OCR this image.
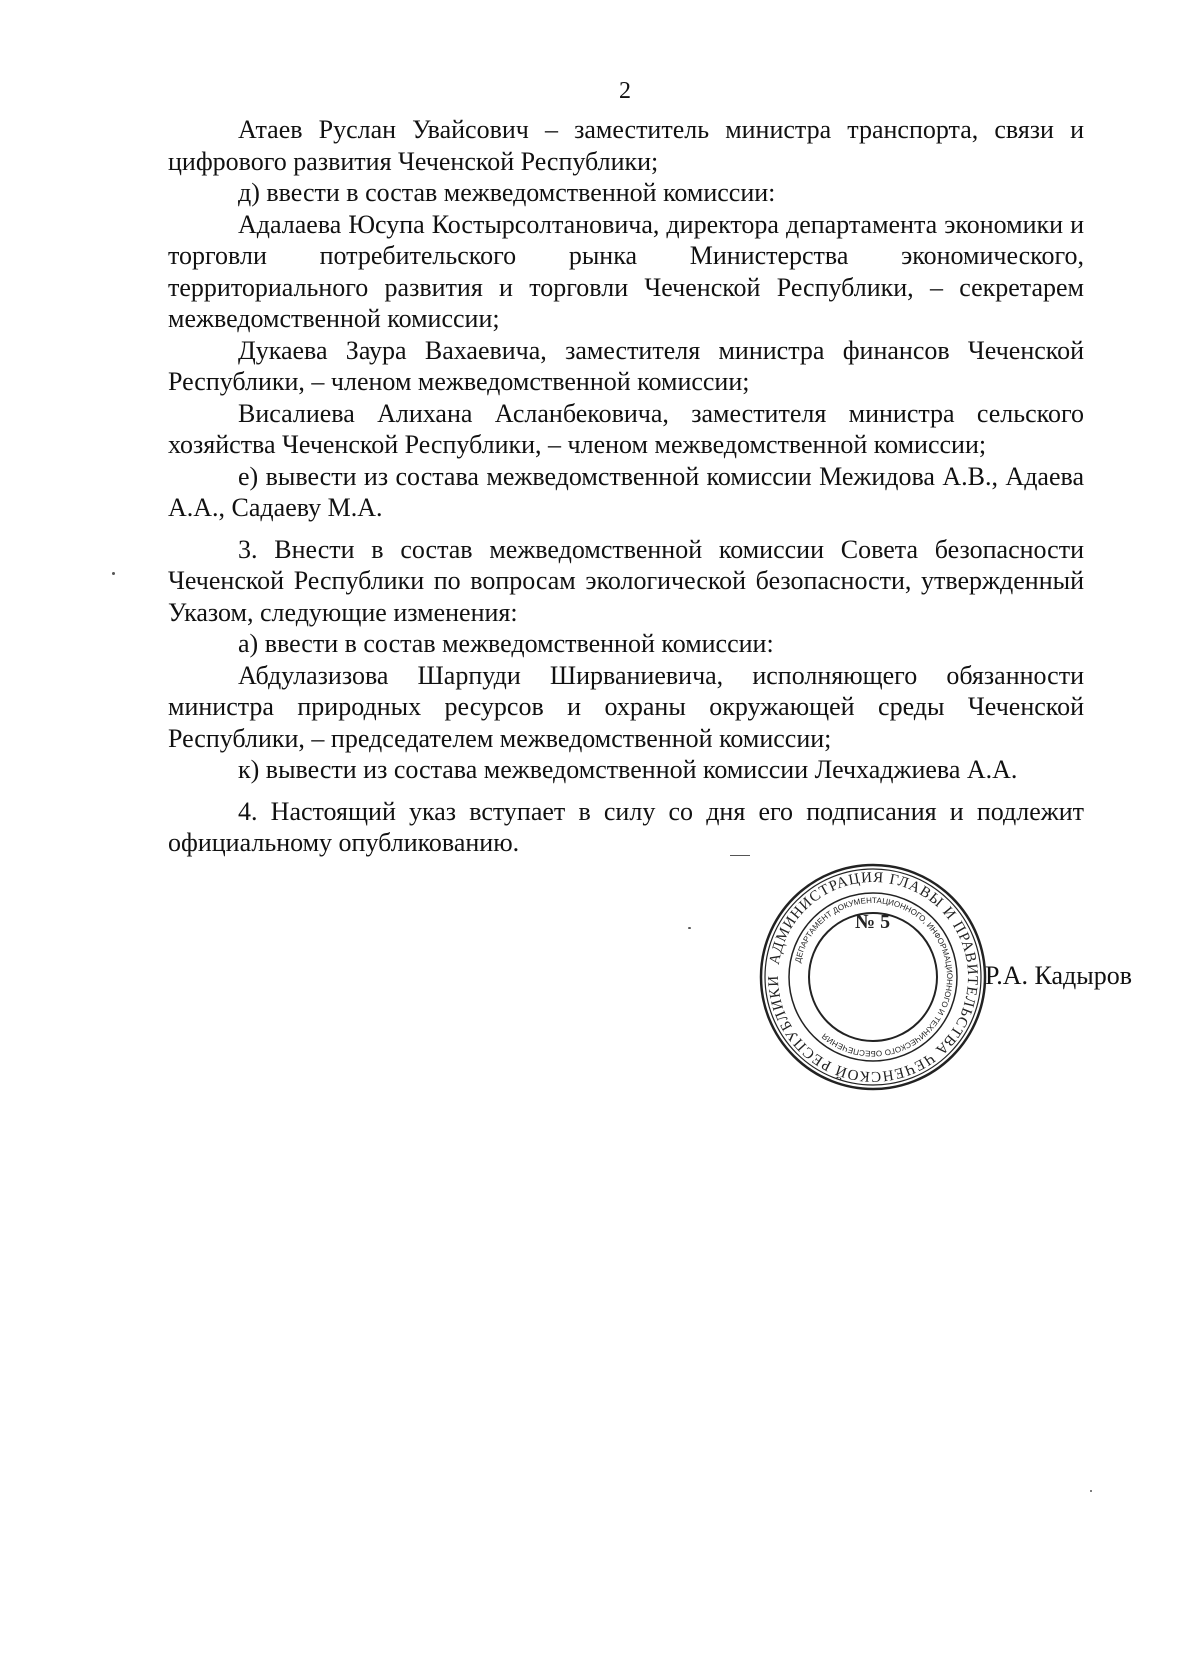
2

Атаев Руслан Увайсович – заместитель министра транспорта, связи и цифрового развития Чеченской Республики;

д) ввести в состав межведомственной комиссии:

Адалаева Юсупа Костырсолтановича, директора департамента экономики и торговли потребительского рынка Министерства экономического, территориального развития и торговли Чеченской Республики, – секретарем межведомственной комиссии;

Дукаева Заура Вахаевича, заместителя министра финансов Чеченской Республики, – членом межведомственной комиссии;

Висалиева Алихана Асланбековича, заместителя министра сельского хозяйства Чеченской Республики, – членом межведомственной комиссии;

е) вывести из состава межведомственной комиссии Межидова А.В., Адаева А.А., Садаеву М.А.

3. Внести в состав межведомственной комиссии Совета безопасности Чеченской Республики по вопросам экологической безопасности, утвержденный Указом, следующие изменения:

а) ввести в состав межведомственной комиссии:

Абдулазизова Шарпуди Ширваниевича, исполняющего обязанности министра природных ресурсов и охраны окружающей среды Чеченской Республики, – председателем межведомственной комиссии;

к) вывести из состава межведомственной комиссии Лечхаджиева А.А.

4. Настоящий указ вступает в силу со дня его подписания и подлежит официальному опубликованию.

АДМИНИСТРАЦИЯ ГЛАВЫ И ПРАВИТЕЛЬСТВА ЧЕЧЕНСКОЙ РЕСПУБЛИКИ
ДЕПАРТАМЕНТ ДОКУМЕНТАЦИОННОГО, ИНФОРМАЦИОННОГО И ТЕХНИЧЕСКОГО ОБЕСПЕЧЕНИЯ
№ 5
Р.А. Кадыров
